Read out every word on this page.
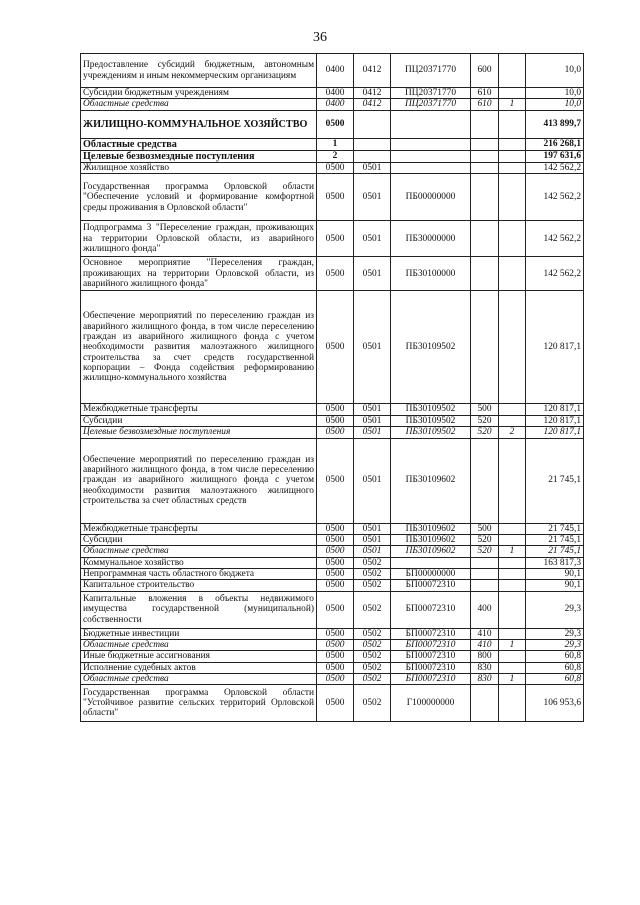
36
Предоставление субсидий бюджетным, автономным учреждениям и иным некоммерческим организациям	0400	0412	ПЦ20371770	600		10,0
Субсидии бюджетным учреждениям	0400	0412	ПЦ20371770	610		10,0
Областные средства	0400	0412	ПЦ20371770	610	1	10,0
ЖИЛИЩНО-КОММУНАЛЬНОЕ ХОЗЯЙСТВО	0500					413 899,7
Областные средства	1					216 268,1
Целевые безвозмездные поступления	2					197 631,6
Жилищное хозяйство	0500	0501				142 562,2
Государственная программа Орловской области "Обеспечение условий и формирование комфортной среды проживания в Орловской области"	0500	0501	ПБ00000000			142 562,2
Подпрограмма 3 "Переселение граждан, проживающих на территории Орловской области, из аварийного жилищного фонда"	0500	0501	ПБ30000000			142 562,2
Основное мероприятие "Переселения граждан, проживающих на территории Орловской области, из аварийного жилищного фонда"	0500	0501	ПБ30100000			142 562,2
Обеспечение мероприятий по переселению граждан из аварийного жилищного фонда, в том числе переселению граждан из аварийного жилищного фонда с учетом необходимости развития малоэтажного жилищного строительства за счет средств государственной корпорации – Фонда содействия реформированию жилищно-коммунального хозяйства	0500	0501	ПБ30109502			120 817,1
Межбюджетные трансферты	0500	0501	ПБ30109502	500		120 817,1
Субсидии	0500	0501	ПБ30109502	520		120 817,1
Целевые безвозмездные поступления	0500	0501	ПБ30109502	520	2	120 817,1
Обеспечение мероприятий по переселению граждан из аварийного жилищного фонда, в том числе переселению граждан из аварийного жилищного фонда с учетом необходимости развития малоэтажного жилищного строительства за счет областных средств	0500	0501	ПБ30109602			21 745,1
Межбюджетные трансферты	0500	0501	ПБ30109602	500		21 745,1
Субсидии	0500	0501	ПБ30109602	520		21 745,1
Областные средства	0500	0501	ПБ30109602	520	1	21 745,1
Коммунальное хозяйство	0500	0502				163 817,3
Непрограммная часть областного бюджета	0500	0502	БП00000000			90,1
Капитальное строительство	0500	0502	БП00072310			90,1
Капитальные вложения в объекты недвижимого имущества государственной (муниципальной) собственности	0500	0502	БП00072310	400		29,3
Бюджетные инвестиции	0500	0502	БП00072310	410		29,3
Областные средства	0500	0502	БП00072310	410	1	29,3
Иные бюджетные ассигнования	0500	0502	БП00072310	800		60,8
Исполнение судебных актов	0500	0502	БП00072310	830		60,8
Областные средства	0500	0502	БП00072310	830	1	60,8
Государственная программа Орловской области "Устойчивое развитие сельских территорий Орловской области"	0500	0502	Г100000000			106 953,6
